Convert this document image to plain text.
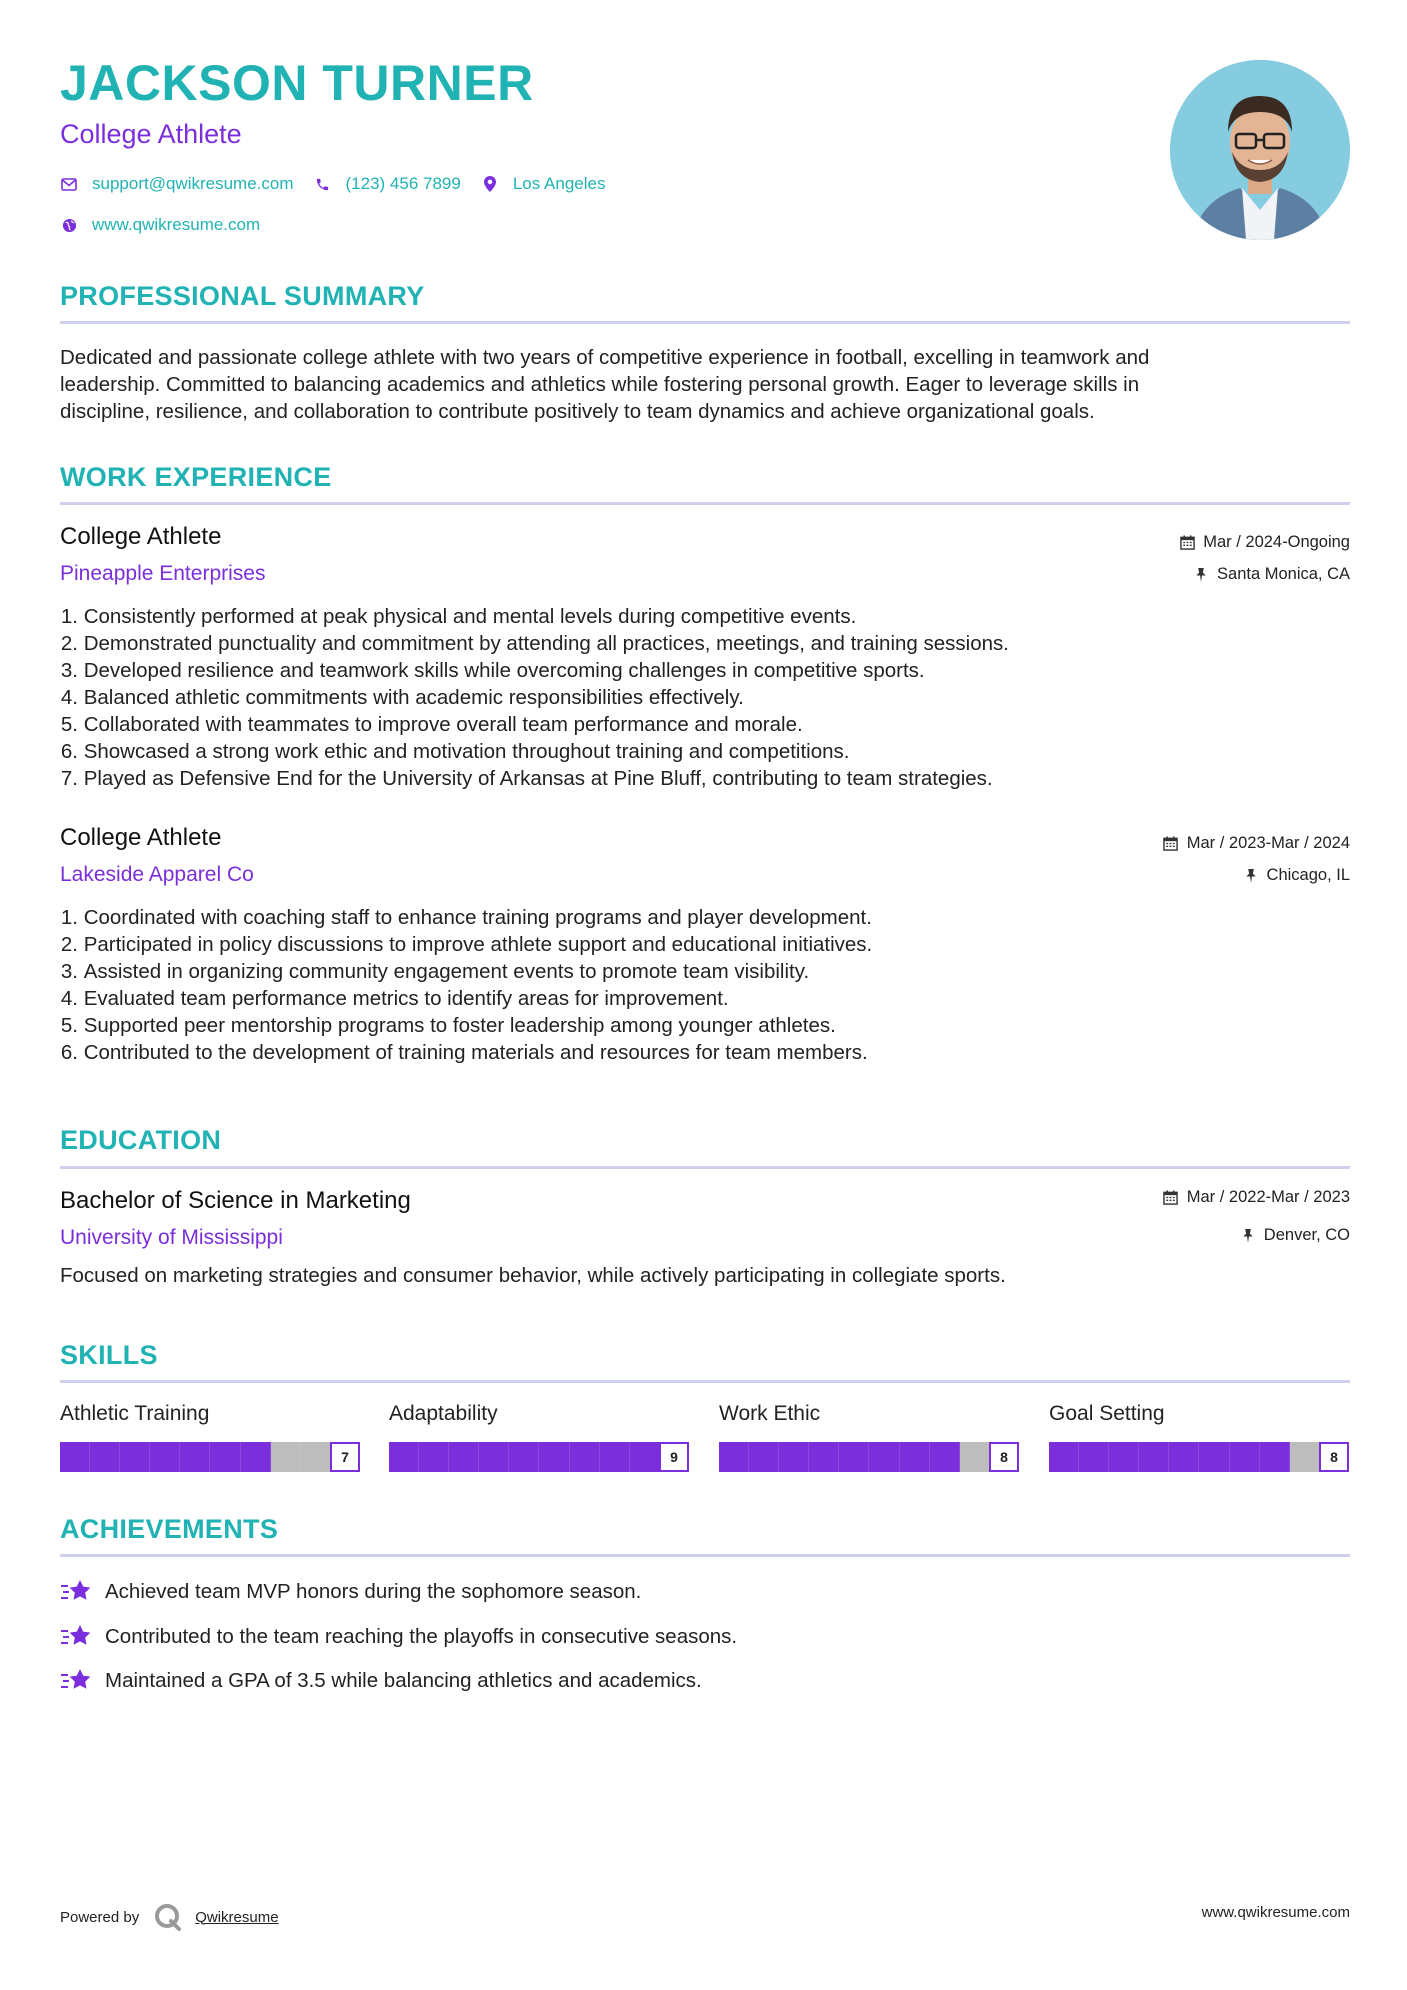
JACKSON TURNER
College Athlete
support@qwikresume.com	(123) 456 7899	Los Angeles
www.qwikresume.com
PROFESSIONAL SUMMARY
Dedicated and passionate college athlete with two years of competitive experience in football, excelling in teamwork and
leadership. Committed to balancing academics and athletics while fostering personal growth. Eager to leverage skills in
discipline, resilience, and collaboration to contribute positively to team dynamics and achieve organizational goals.
WORK EXPERIENCE
College Athlete
Pineapple Enterprises
Mar / 2024-Ongoing
Santa Monica, CA
1.
Consistently performed at peak physical and mental levels during competitive events.
2.
Demonstrated punctuality and commitment by attending all practices, meetings, and training sessions.
3.
Developed resilience and teamwork skills while overcoming challenges in competitive sports.
4.
Balanced athletic commitments with academic responsibilities effectively.
5.
Collaborated with teammates to improve overall team performance and morale.
6.
Showcased a strong work ethic and motivation throughout training and competitions.
7.
Played as Defensive End for the University of Arkansas at Pine Bluff, contributing to team strategies.
College Athlete
Lakeside Apparel Co
Mar / 2023-Mar / 2024
Chicago, IL
1.
Coordinated with coaching staff to enhance training programs and player development.
2.
Participated in policy discussions to improve athlete support and educational initiatives.
3.
Assisted in organizing community engagement events to promote team visibility.
4.
Evaluated team performance metrics to identify areas for improvement.
5.
Supported peer mentorship programs to foster leadership among younger athletes.
6.
Contributed to the development of training materials and resources for team members.
EDUCATION
Bachelor of Science in Marketing
University of Mississippi
Mar / 2022-Mar / 2023
Denver, CO
Focused on marketing strategies and consumer behavior, while actively participating in collegiate sports.
SKILLS
Athletic Training
7
Adaptability
9
Work Ethic
8
Goal Setting
8
ACHIEVEMENTS
Achieved team MVP honors during the sophomore season.
Contributed to the team reaching the playoffs in consecutive seasons.
Maintained a GPA of 3.5 while balancing athletics and academics.
Powered by	Qwikresume	www.qwikresume.com
